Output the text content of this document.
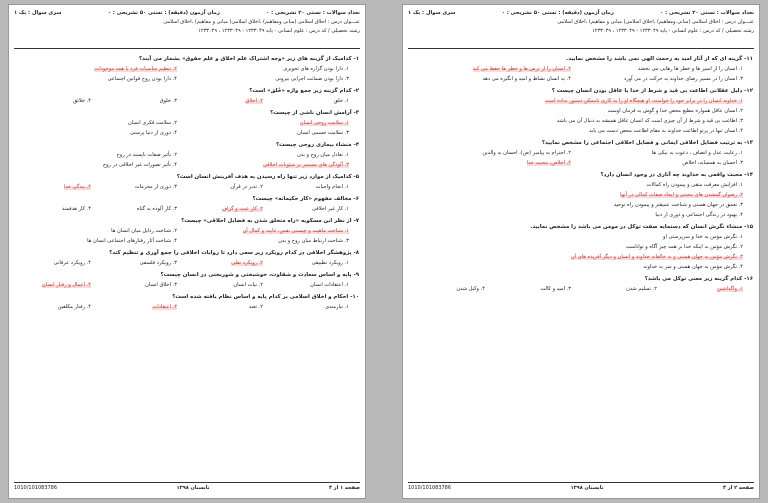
نعداد سوالات : تستی ۲۰ تشریحی : ۰
زمان آزمون (دقیقه) : تستی ۵۰ تشریحی : ۰
سری سوال : یک ۱
عنـــوان درس : اخلاق اسلامی (مبانی ومفاهیم) ،اخلاق اسلامی( مبانی و مفاهیم) ،اخلاق اسلامی
رشته تحصیلی / کد درس : علوم انسانی - پایه ۱۲۳۳۰۴۹ - ۱۲۳۳۰۴۹ ، ۱۲۳۳۰۴۹
۱- کدامیک از گزینه های زیر «وجه اشتراک علم اخلاق و علم حقوق» بشمار می آیند؟
۱. دارا بودن گزاره های تجویزی
۲. تنظیم مناسبات فرد با همه موجودات
۳. دارا بودن ضمانت اجرایی بیرونی
۴. دارا بودن روح قوانین اجتماعی
۲- کدام گزینه زیر جمع واژه «خُلق» است؟
۱. خلق
۲. اخلاق
۳. خلوق
۴. خلائق
۳- آرامش انسان ناشی از چیست؟
۱. سلامت روحی انسان
۲. سلامت فکری انسان
۳. سلامت جسمی انسان
۴. دوری از دنیا پرستی
۴- منشاء بیماری روحی چیست؟
۱. تعادل میان روح و بدن
۲. تأثیر صفات ناپسند در روح
۳. آلودگی های مستمر بر شئونات اخلاقی
۴. تأثیر تصورات غیر اخلاقی در روح
۵- کدامیک از موارد زیر تنها راه رسیدن به هدف آفرینش انسان است؟
۱. انجام واجبات
۲. تدبر در قرآن
۳. دوری از محرمات
۴. بندگی خدا
۶- مخالف مفهوم «کار حکیمانه» چیست؟
۱. کار غیر اخلاقی
۲. کار عبث و گزاف
۳. کار آلوده به گناه
۴. کار هدفمند
۷- از نظر ابن مسکویه «راه متخلق شدن به فضایل اخلاقی» چیست؟
۱. شناخت ماهیت و چیستی نفس، غایت و کمال آن
۲. شناخت رذایل میان انسان ها
۳. شناخت ارتباط میان روح و بدن
۴. شناخت آثار رفتارهای اجتماعی انسان ها
۸- پژوهشگر اخلاقی در کدام رویکرد زیر سعی دارد تا روایات اخلاقی را جمع آوری و تنظیم کند؟
۱. رویکرد تطبیقی
۲. رویکرد نقلی
۳. رویکرد فلسفی
۴. رویکرد عرفانی
۹- پایه و اساس سعادت و شقاوت، خوشبختی و شوربختی در انسان چیست؟
۱. اعتقادات انسان
۲. نیات انسان
۳. اخلاق انسان
۴. اعمال و رفتار انسان
۱۰- احکام و اخلاق اسلامی بر کدام پایه و اساس نظام یافته شده است؟
۱. نیازمندی
۲. تعبد
۳. اعتقادات
۴. رفتار مکلفین
صفحه ۱ از ۴
تابستان ۱۳۹۸
1010/101083786
نعداد سوالات : تستی ۲۰ تشریحی : ۰
زمان آزمون (دقیقه) : تستی ۵۰ تشریحی : ۰
سری سوال : یک ۱
عنـــوان درس : اخلاق اسلامی (مبانی ومفاهیم) ،اخلاق اسلامی( مبانی و مفاهیم) ،اخلاق اسلامی
رشته تحصیلی / کد درس : علوم انسانی - پایه ۱۲۳۳۰۴۹ - ۱۲۳۳۰۴۹ ، ۱۲۳۳۰۴۹
۱۱- گزینه ای که از آثار امید به رحمت الهی نمی باشد را مشخص نمایید.
۱. انسان را از اسیر ها و خطر ها رهایی می بخشد
۲. انسان را از ترس ها و خطر ها حفظ می کند
۳. انسان را در مسیر رضای خداوند به حرکت در می آورد
۴. به انسان نشاط و امید و انگیزه می دهد
۱۲- دلیل عقلانی اطاعت بی قید و شرط از خدا یا عاقل بودن انسان چیست ؟
۱. خداوند انسان را در برابر خود را خواسته، او هیچگاه او را به کاری ناممکن دستور نداده است
۲. انسان عاقل همواره مطیع محض خدا و گوش به فرمان اوست
۳. اطاعت بی قید و شرط از آن چیزی است که انسان عاقل همیشه به دنبال آن می باشد
۴. انسان تنها در پرتو اطاعت خداوند به مقام اطاعت محض دست می یابد
۱۳- به ترتیب فضایل اخلاقی ایمانی و فضایل اخلاقی اجتماعی را مشخص نمایید؟
۱. رعایت عدل و انصاف ، دعوت به نیکی ها
۲. احترام به پیامبر (ص)، احسان به والدین
۳. احسان به همسایه، اخلاص
۴. اخلاص، محبت خدا
۱۴- محبت واقعی به خداوند چه آثاری در وجود انسان دارد؟
۱. افزایش معرفت متقی و پیمودن راه کمالات
۲. رضوان گمشدن های محبتی و ایجاد صفات کمالی در آنها
۳. تعمق در جهان هستی و شناخت عمیقتر و پیمودن راه توحید
۴. بهبود در زندگی اجتماعی و دوری از دنیا
۱۵- منشاء نگرش انسان که دستمایه صفت توکل در مومن می باشد را مشخص نمایید.
۱. نگرش مؤمن به خدا و سرپرستی او
۲. نگرش مؤمن به اینکه خدا بر همه چیز آگاه و تواناست
۳. نگرش مؤمن به جهان هستی و به خالقانه خداوند و انسان و دیگر آفریده های آن
۴. نگرش مؤمن به جهان هستی و سر به خداوند
۱۶- کدام گزینه زیر معنی توکل می باشد؟
۱. واگذاشتن
۲. تسلیم شدن
۳. امید و کالت
۴. وکیل شدن
صفحه ۲ از ۴
تابستان ۱۳۹۸
1010/101083786
